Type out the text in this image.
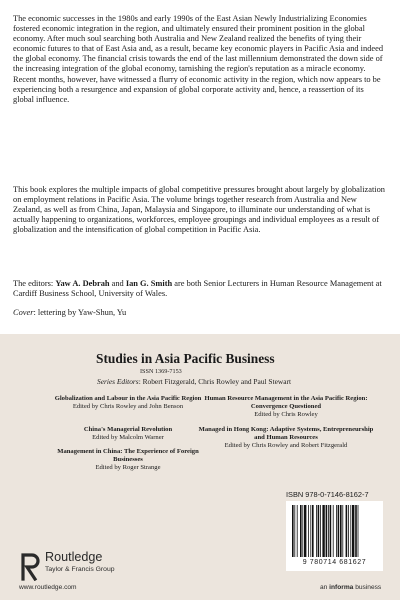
The economic successes in the 1980s and early 1990s of the East Asian Newly Industrializing Economies fostered economic integration in the region, and ultimately ensured their prominent position in the global economy. After much soul searching both Australia and New Zealand realized the benefits of tying their economic futures to that of East Asia and, as a result, became key economic players in Pacific Asia and indeed the global economy. The financial crisis towards the end of the last millennium demonstrated the down side of the increasing integration of the global economy, tarnishing the region's reputation as a miracle economy. Recent months, however, have witnessed a flurry of economic activity in the region, which now appears to be experiencing both a resurgence and expansion of global corporate activity and, hence, a reassertion of its global influence.

This book explores the multiple impacts of global competitive pressures brought about largely by globalization on employment relations in Pacific Asia. The volume brings together research from Australia and New Zealand, as well as from China, Japan, Malaysia and Singapore, to illuminate our understanding of what is actually happening to organizations, workforces, employee groupings and individual employees as a result of globalization and the intensification of global competition in Pacific Asia.

The editors: Yaw A. Debrah and Ian G. Smith are both Senior Lecturers in Human Resource Management at Cardiff Business School, University of Wales.

Cover: lettering by Yaw-Shun, Yu

Studies in Asia Pacific Business

ISSN 1369-7153

Series Editors: Robert Fitzgerald, Chris Rowley and Paul Stewart

Globalization and Labour in the Asia Pacific Region
Edited by Chris Rowley and John Benson
China's Managerial Revolution
Edited by Malcolm Warner
Management in China: The Experience of Foreign Businesses
Edited by Roger Strange
Human Resource Management in the Asia Pacific Region: Convergence Questioned
Edited by Chris Rowley
Managed in Hong Kong: Adaptive Systems, Entrepreneurship and Human Resources
Edited by Chris Rowley and Robert Fitzgerald
ISBN 978-0-7146-8162-7
9 780714 681627
Routledge
Taylor & Francis Group
www.routledge.com	an informa business
